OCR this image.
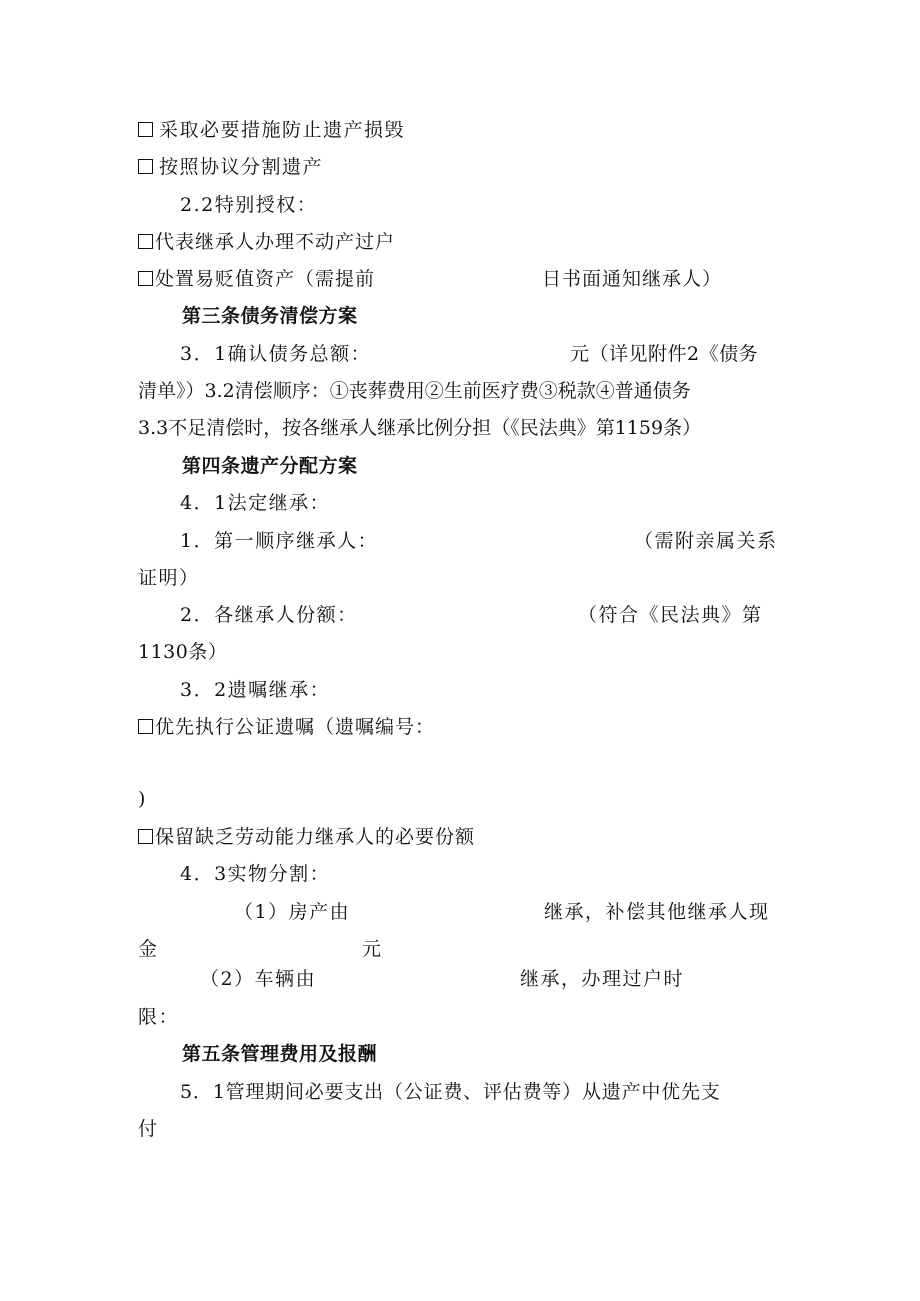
采取必要措施防止遗产损毁
按照协议分割遗产
2.2特别授权：
代表继承人办理不动产过户
处置易贬值资产（需提前	日书面通知继承人）
第三条债务清偿方案
3．1确认债务总额：	元（详见附件2《债务
清单》）3.2清偿顺序：①丧葬费用②生前医疗费③税款④普通债务
3.3不足清偿时，按各继承人继承比例分担（《民法典》第1159条）
第四条遗产分配方案
4．1法定继承：
1．第一顺序继承人：	（需附亲属关系
证明）
2．各继承人份额：	（符合《民法典》第
1130条）
3．2遗嘱继承：
优先执行公证遗嘱（遗嘱编号：
)
保留缺乏劳动能力继承人的必要份额
4．3实物分割：
（1）房产由	继承，补偿其他继承人现
金	元
（2）车辆由	继承，办理过户时
限：
第五条管理费用及报酬
5．1管理期间必要支出（公证费、评估费等）从遗产中优先支
付
